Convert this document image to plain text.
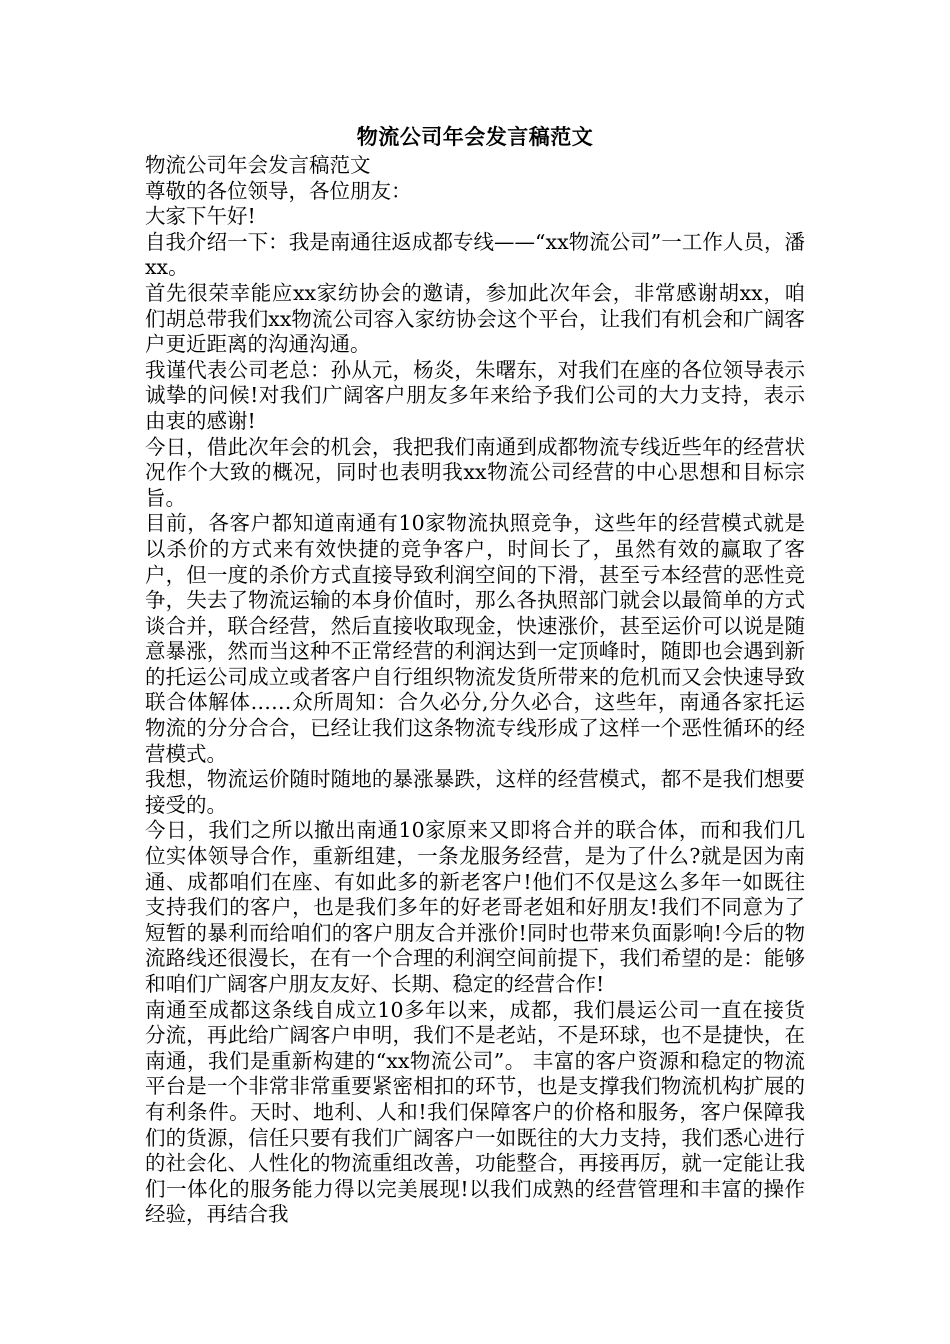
物流公司年会发言稿范文

物流公司年会发言稿范文

尊敬的各位领导，各位朋友：

大家下午好!

自我介绍一下：我是南通往返成都专线——“xx物流公司”一工作人员，潘xx。

首先很荣幸能应xx家纺协会的邀请，参加此次年会，非常感谢胡xx，咱们胡总带我们xx物流公司容入家纺协会这个平台，让我们有机会和广阔客户更近距离的沟通沟通。

我谨代表公司老总：孙从元，杨炎，朱曙东，对我们在座的各位领导表示诚挚的问候!对我们广阔客户朋友多年来给予我们公司的大力支持，表示由衷的感谢!

今日，借此次年会的机会，我把我们南通到成都物流专线近些年的经营状况作个大致的概况，同时也表明我xx物流公司经营的中心思想和目标宗旨。

目前，各客户都知道南通有10家物流执照竞争，这些年的经营模式就是以杀价的方式来有效快捷的竞争客户，时间长了，虽然有效的赢取了客户，但一度的杀价方式直接导致利润空间的下滑，甚至亏本经营的恶性竞争，失去了物流运输的本身价值时，那么各执照部门就会以最简单的方式谈合并，联合经营，然后直接收取现金，快速涨价，甚至运价可以说是随意暴涨，然而当这种不正常经营的利润达到一定顶峰时，随即也会遇到新的托运公司成立或者客户自行组织物流发货所带来的危机而又会快速导致联合体解体……众所周知：合久必分,分久必合，这些年，南通各家托运物流的分分合合，已经让我们这条物流专线形成了这样一个恶性循环的经营模式。

我想，物流运价随时随地的暴涨暴跌，这样的经营模式，都不是我们想要接受的。

今日，我们之所以撤出南通10家原来又即将合并的联合体，而和我们几位实体领导合作，重新组建，一条龙服务经营，是为了什么?就是因为南通、成都咱们在座、有如此多的新老客户!他们不仅是这么多年一如既往支持我们的客户，也是我们多年的好老哥老姐和好朋友!我们不同意为了短暂的暴利而给咱们的客户朋友合并涨价!同时也带来负面影响!今后的物流路线还很漫长，在有一个合理的利润空间前提下，我们希望的是：能够和咱们广阔客户朋友友好、长期、稳定的经营合作!

南通至成都这条线自成立10多年以来，成都，我们晨运公司一直在接货分流，再此给广阔客户申明，我们不是老站，不是环球，也不是捷快，在南通，我们是重新构建的“xx物流公司”。 丰富的客户资源和稳定的物流平台是一个非常非常重要紧密相扣的环节，也是支撑我们物流机构扩展的有利条件。天时、地利、人和!我们保障客户的价格和服务，客户保障我们的货源，信任只要有我们广阔客户一如既往的大力支持，我们悉心进行的社会化、人性化的物流重组改善，功能整合，再接再厉，就一定能让我们一体化的服务能力得以完美展现!以我们成熟的经营管理和丰富的操作经验，再结合我
